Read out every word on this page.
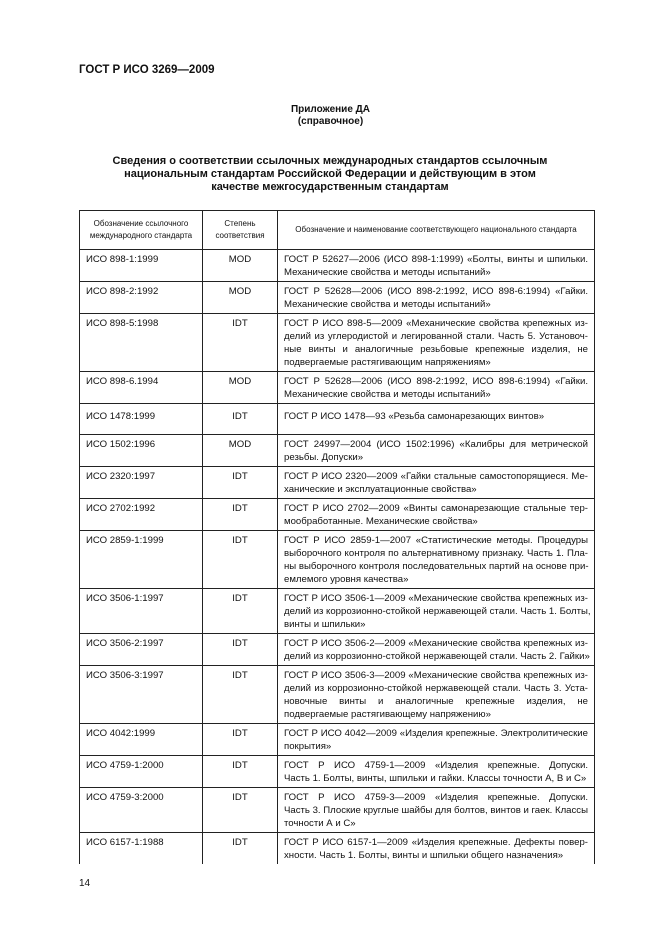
ГОСТ Р ИСО 3269—2009
Приложение ДА
(справочное)
Сведения о соответствии ссылочных международных стандартов ссылочным национальным стандартам Российской Федерации и действующим в этом качестве межгосударственным стандартам
Обозначение ссылочного международного стандарта	Степень соответствия	Обозначение и наименование соответствующего национального стандарта
ИСО 898-1:1999	MOD	ГОСТ Р 52627—2006 (ИСО 898-1:1999) «Болты, винты и шпильки.
Механические свойства и методы испытаний»

ИСО 898-2:1992	MOD	ГОСТ Р 52628—2006 (ИСО 898-2:1992, ИСО 898-6:1994) «Гайки.
Механические свойства и методы испытаний»

ИСО 898-5:1998	IDT	ГОСТ Р ИСО 898-5—2009 «Механические свойства крепежных из-
делий из углеродистой и легированной стали. Часть 5. Установоч-
ные винты и аналогичные резьбовые крепежные изделия, не
подвергаемые растягивающим напряжениям»

ИСО 898-6.1994	MOD	ГОСТ Р 52628—2006 (ИСО 898-2:1992, ИСО 898-6:1994) «Гайки.
Механические свойства и методы испытаний»

ИСО 1478:1999	IDT	ГОСТ Р ИСО 1478—93 «Резьба самонарезающих винтов»

ИСО 1502:1996	MOD	ГОСТ 24997—2004 (ИСО 1502:1996) «Калибры для метрической
резьбы. Допуски»

ИСО 2320:1997	IDT	ГОСТ Р ИСО 2320—2009 «Гайки стальные самостопорящиеся. Ме-
ханические и эксплуатационные свойства»

ИСО 2702:1992	IDT	ГОСТ Р ИСО 2702—2009 «Винты самонарезающие стальные тер-
мообработанные. Механические свойства»

ИСО 2859-1:1999	IDT	ГОСТ Р ИСО 2859-1—2007 «Статистические методы. Процедуры
выборочного контроля по альтернативному признаку. Часть 1. Пла-
ны выборочного контроля последовательных партий на основе при-
емлемого уровня качества»

ИСО 3506-1:1997	IDT	ГОСТ Р ИСО 3506-1—2009 «Механические свойства крепежных из-
делий из коррозионно-стойкой нержавеющей стали. Часть 1. Болты,
винты и шпильки»

ИСО 3506-2:1997	IDT	ГОСТ Р ИСО 3506-2—2009 «Механические свойства крепежных из-
делий из коррозионно-стойкой нержавеющей стали. Часть 2. Гайки»

ИСО 3506-3:1997	IDT	ГОСТ Р ИСО 3506-3—2009 «Механические свойства крепежных из-
делий из коррозионно-стойкой нержавеющей стали. Часть 3. Уста-
новочные винты и аналогичные крепежные изделия, не
подвергаемые растягивающему напряжению»

ИСО 4042:1999	IDT	ГОСТ Р ИСО 4042—2009 «Изделия крепежные. Электролитические
покрытия»

ИСО 4759-1:2000	IDT	ГОСТ Р ИСО 4759-1—2009 «Изделия крепежные. Допуски.
Часть 1. Болты, винты, шпильки и гайки. Классы точности А, В и С»

ИСО 4759-3:2000	IDT	ГОСТ Р ИСО 4759-3—2009 «Изделия крепежные. Допуски.
Часть 3. Плоские круглые шайбы для болтов, винтов и гаек. Классы
точности А и С»

ИСО 6157-1:1988	IDT	ГОСТ Р ИСО 6157-1—2009 «Изделия крепежные. Дефекты повер-
хности. Часть 1. Болты, винты и шпильки общего назначения»
14
